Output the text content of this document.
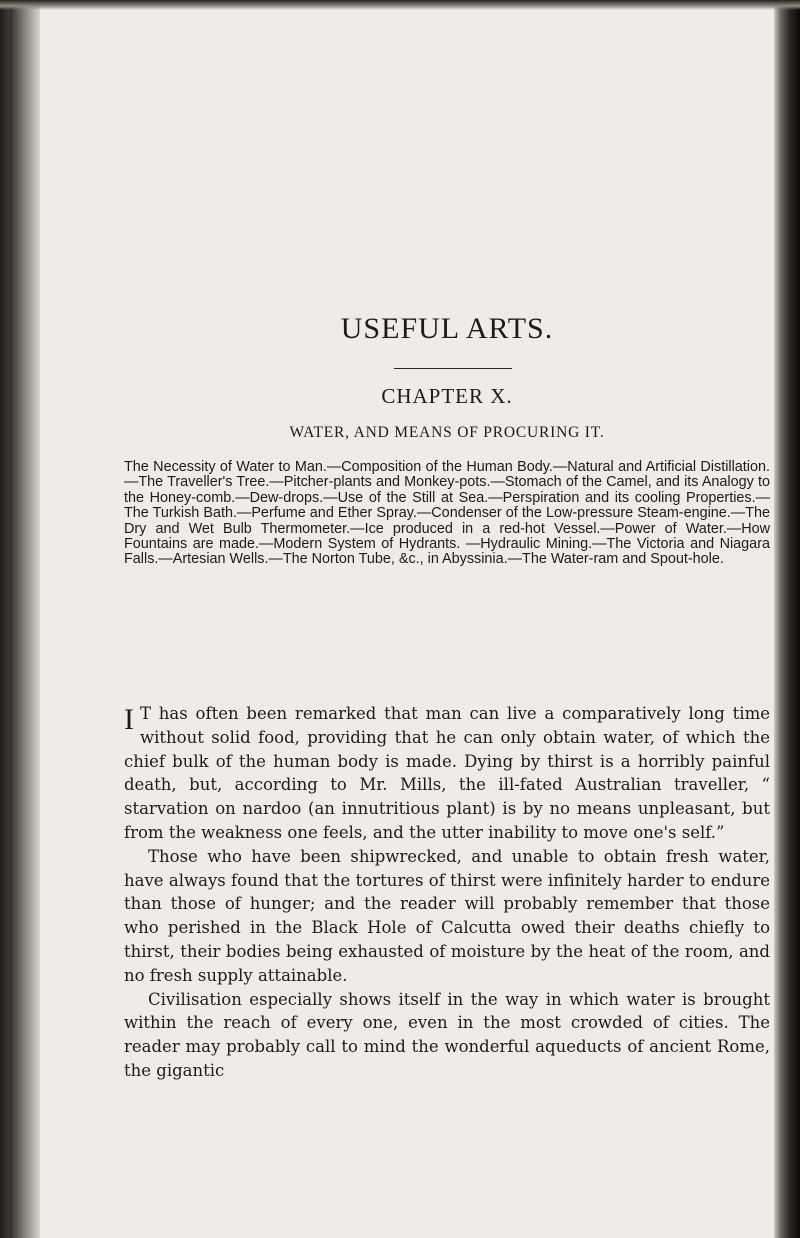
USEFUL ARTS.
CHAPTER X.

WATER, AND MEANS OF PROCURING IT.

The Necessity of Water to Man.—Composition of the Human Body.—Natural and Artificial Distillation.—The Traveller's Tree.—Pitcher-plants and Monkey-pots.—Stomach of the Camel, and its Analogy to the Honey-comb.—Dew-drops.—Use of the Still at Sea.—Perspiration and its cooling Properties.—The Turkish Bath.—Perfume and Ether Spray.—Condenser of the Low-pressure Steam-engine.—The Dry and Wet Bulb Thermometer.—Ice produced in a red-hot Vessel.—Power of Water.—How Fountains are made.—Modern System of Hydrants. —Hydraulic Mining.—The Victoria and Niagara Falls.—Artesian Wells.—The Norton Tube, &c., in Abyssinia.—The Water-ram and Spout-hole.

I T has often been remarked that man can live a comparatively long time without solid food, providing that he can only obtain water, of which the chief bulk of the human body is made. Dying by thirst is a horribly painful death, but, according to Mr. Mills, the ill-fated Australian traveller, “ starvation on nardoo (an innutritious plant) is by no means unpleasant, but from the weakness one feels, and the utter inability to move one's self.”

Those who have been shipwrecked, and unable to obtain fresh water, have always found that the tortures of thirst were infinitely harder to endure than those of hunger; and the reader will probably remember that those who perished in the Black Hole of Calcutta owed their deaths chiefly to thirst, their bodies being exhausted of moisture by the heat of the room, and no fresh supply attainable.

Civilisation especially shows itself in the way in which water is brought within the reach of every one, even in the most crowded of cities. The reader may probably call to mind the wonderful aqueducts of ancient Rome, the gigantic
